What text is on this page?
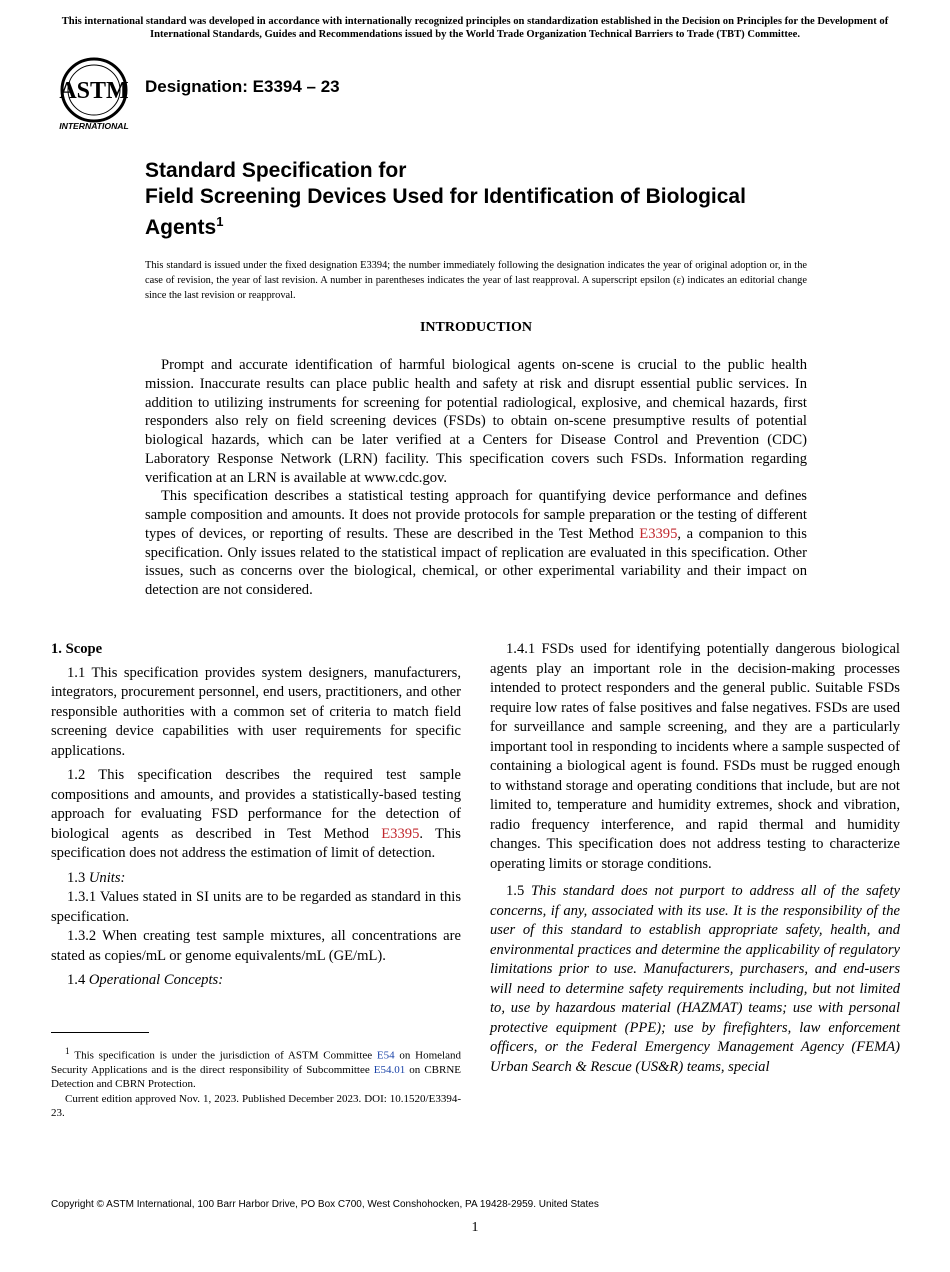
This international standard was developed in accordance with internationally recognized principles on standardization established in the Decision on Principles for the Development of International Standards, Guides and Recommendations issued by the World Trade Organization Technical Barriers to Trade (TBT) Committee.
ASTM
INTERNATIONAL
Designation: E3394 – 23
Standard Specification for
Field Screening Devices Used for Identification of Biological Agents$^1$
This standard is issued under the fixed designation E3394; the number immediately following the designation indicates the year of original adoption or, in the case of revision, the year of last revision. A number in parentheses indicates the year of last reapproval. A superscript epsilon (ε) indicates an editorial change since the last revision or reapproval.
INTRODUCTION

Prompt and accurate identification of harmful biological agents on-scene is crucial to the public health mission. Inaccurate results can place public health and safety at risk and disrupt essential public services. In addition to utilizing instruments for screening for potential radiological, explosive, and chemical hazards, first responders also rely on field screening devices (FSDs) to obtain on-scene presumptive results of potential biological hazards, which can be later verified at a Centers for Disease Control and Prevention (CDC) Laboratory Response Network (LRN) facility. This specification covers such FSDs. Information regarding verification at an LRN is available at www.cdc.gov.

This specification describes a statistical testing approach for quantifying device performance and defines sample composition and amounts. It does not provide protocols for sample preparation or the testing of different types of devices, or reporting of results. These are described in the Test Method E3395, a companion to this specification. Only issues related to the statistical impact of replication are evaluated in this specification. Other issues, such as concerns over the biological, chemical, or other experimental variability and their impact on detection are not considered.

1. Scope

1.1 This specification provides system designers, manufacturers, integrators, procurement personnel, end users, practitioners, and other responsible authorities with a common set of criteria to match field screening device capabilities with user requirements for specific applications.

1.2 This specification describes the required test sample compositions and amounts, and provides a statistically-based testing approach for evaluating FSD performance for the detection of biological agents as described in Test Method E3395. This specification does not address the estimation of limit of detection.

1.3 Units:

1.3.1 Values stated in SI units are to be regarded as standard in this specification.

1.3.2 When creating test sample mixtures, all concentrations are stated as copies/mL or genome equivalents/mL (GE/mL).

1.4 Operational Concepts:

1.4.1 FSDs used for identifying potentially dangerous biological agents play an important role in the decision-making processes intended to protect responders and the general public. Suitable FSDs require low rates of false positives and false negatives. FSDs are used for surveillance and sample screening, and they are a particularly important tool in responding to incidents where a sample suspected of containing a biological agent is found. FSDs must be rugged enough to withstand storage and operating conditions that include, but are not limited to, temperature and humidity extremes, shock and vibration, radio frequency interference, and rapid thermal and humidity changes. This specification does not address testing to characterize operating limits or storage conditions.

1.5 This standard does not purport to address all of the safety concerns, if any, associated with its use. It is the responsibility of the user of this standard to establish appropriate safety, health, and environmental practices and determine the applicability of regulatory limitations prior to use. Manufacturers, purchasers, and end-users will need to determine safety requirements including, but not limited to, use by hazardous material (HAZMAT) teams; use with personal protective equipment (PPE); use by firefighters, law enforcement officers, or the Federal Emergency Management Agency (FEMA) Urban Search & Rescue (US&R) teams, special

$^1$ This specification is under the jurisdiction of ASTM Committee E54 on Homeland Security Applications and is the direct responsibility of Subcommittee E54.01 on CBRNE Detection and CBRN Protection.

Current edition approved Nov. 1, 2023. Published December 2023. DOI: 10.1520/E3394-23.

Copyright © ASTM International, 100 Barr Harbor Drive, PO Box C700, West Conshohocken, PA 19428-2959. United States
1
